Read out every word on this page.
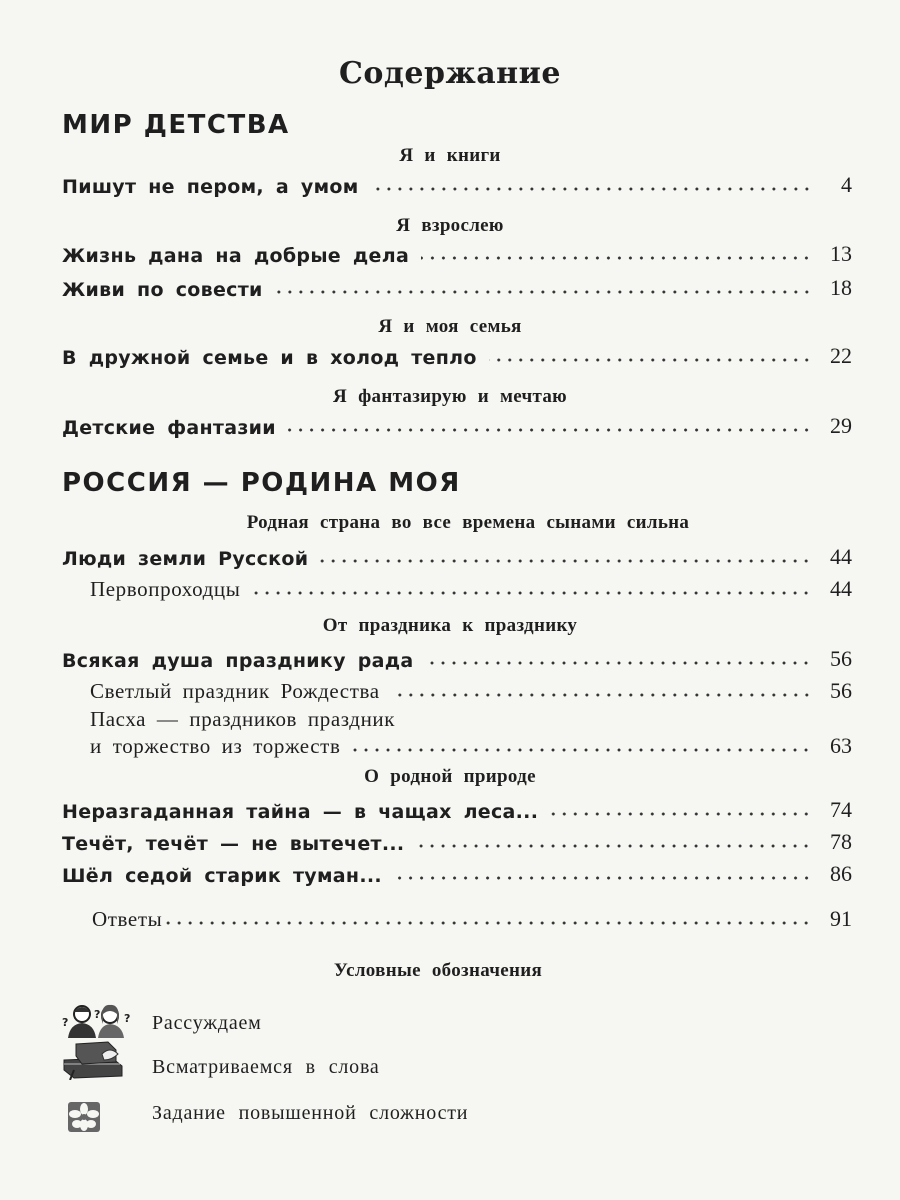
Содержание
МИР ДЕТСТВА
Я и книги
Пишут не пером, а умом	4
Я взрослею
Жизнь дана на добрые дела	13
Живи по совести	18
Я и моя семья
В дружной семье и в холод тепло	22
Я фантазирую и мечтаю
Детские фантазии	29
РОССИЯ — РОДИНА МОЯ
Родная страна во все времена сынами сильна
Люди земли Русской	44
Первопроходцы	44
От праздника к празднику
Всякая душа празднику рада	56
Светлый праздник Рождества	56
Пасха — праздников праздник
и торжество из торжеств	63
О родной природе
Неразгаданная тайна — в чащах леса...	74
Течёт, течёт — не вытечет...	78
Шёл седой старик туман...	86
Ответы	91
Условные обозначения
?
? ? Рассуждаем
Всматриваемся в слова
Задание повышенной сложности
